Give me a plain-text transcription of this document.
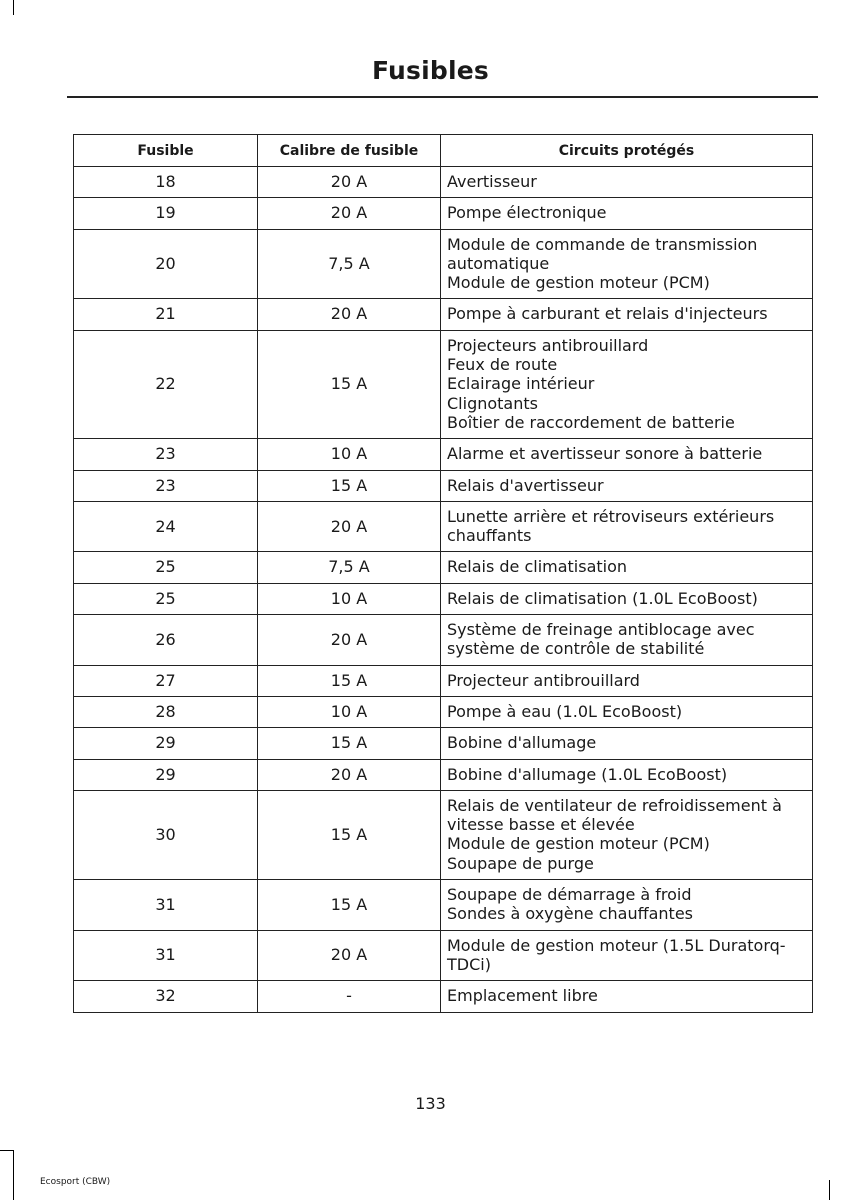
Fusibles
Fusible	Calibre de fusible	Circuits protégés
18	20 A	Avertisseur

19	20 A	Pompe électronique

20	7,5 A	Module de commande de transmission automatique
Module de gestion moteur (PCM)

21	20 A	Pompe à carburant et relais d'injecteurs

22	15 A	Projecteurs antibrouillard
Feux de route
Eclairage intérieur
Clignotants
Boîtier de raccordement de batterie

23	10 A	Alarme et avertisseur sonore à batterie

23	15 A	Relais d'avertisseur

24	20 A	Lunette arrière et rétroviseurs extérieurs chauffants

25	7,5 A	Relais de climatisation

25	10 A	Relais de climatisation (1.0L EcoBoost)

26	20 A	Système de freinage antiblocage avec système de contrôle de stabilité

27	15 A	Projecteur antibrouillard

28	10 A	Pompe à eau (1.0L EcoBoost)

29	15 A	Bobine d'allumage

29	20 A	Bobine d'allumage (1.0L EcoBoost)

30	15 A	Relais de ventilateur de refroidissement à vitesse basse et élevée
Module de gestion moteur (PCM)
Soupape de purge

31	15 A	Soupape de démarrage à froid
Sondes à oxygène chauffantes

31	20 A	Module de gestion moteur (1.5L Duratorq-TDCi)

32	-	Emplacement libre
133
Ecosport (CBW)
